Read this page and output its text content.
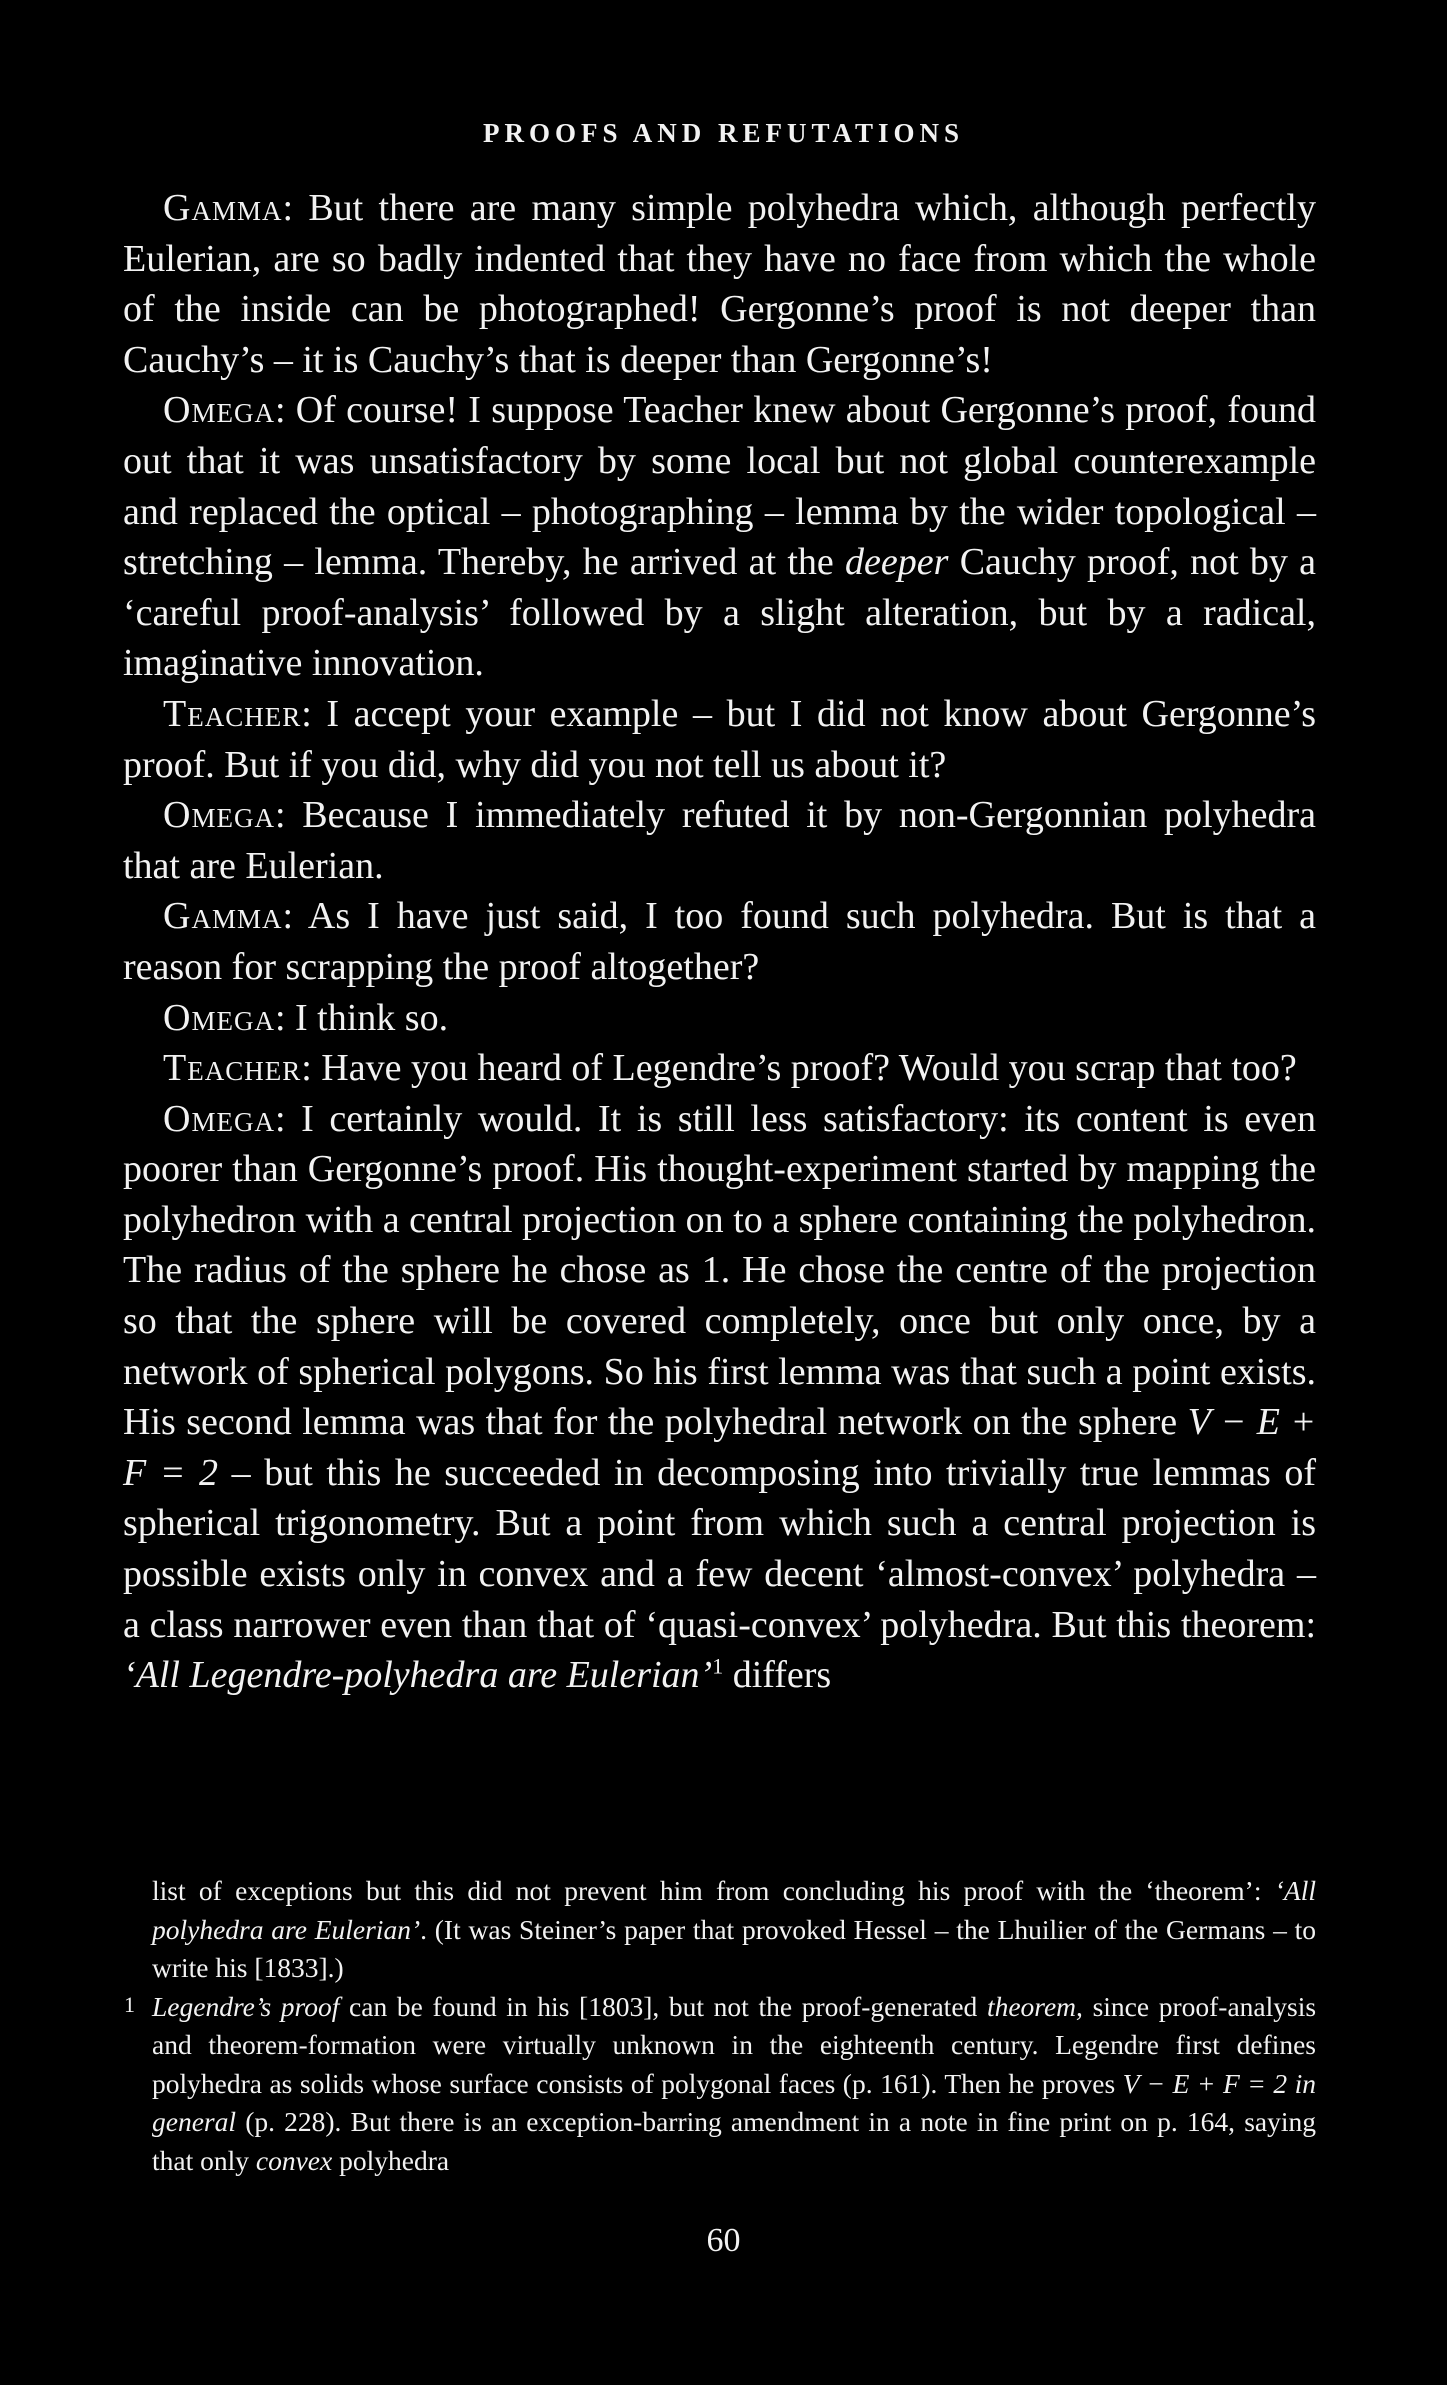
PROOFS AND REFUTATIONS

Gamma: But there are many simple polyhedra which, although perfectly Eulerian, are so badly indented that they have no face from which the whole of the inside can be photographed! Gergonne’s proof is not deeper than Cauchy’s – it is Cauchy’s that is deeper than Gergonne’s!

Omega: Of course! I suppose Teacher knew about Gergonne’s proof, found out that it was unsatisfactory by some local but not global counterexample and replaced the optical – photographing – lemma by the wider topological – stretching – lemma. Thereby, he arrived at the deeper Cauchy proof, not by a ‘careful proof-analysis’ followed by a slight alteration, but by a radical, imaginative innovation.

Teacher: I accept your example – but I did not know about Gergonne’s proof. But if you did, why did you not tell us about it?

Omega: Because I immediately refuted it by non-Gergonnian polyhedra that are Eulerian.

Gamma: As I have just said, I too found such polyhedra. But is that a reason for scrapping the proof altogether?

Omega: I think so.

Teacher: Have you heard of Legendre’s proof? Would you scrap that too?

Omega: I certainly would. It is still less satisfactory: its content is even poorer than Gergonne’s proof. His thought-experiment started by mapping the polyhedron with a central projection on to a sphere containing the polyhedron. The radius of the sphere he chose as 1. He chose the centre of the projection so that the sphere will be covered completely, once but only once, by a network of spherical polygons. So his first lemma was that such a point exists. His second lemma was that for the polyhedral network on the sphere V − E + F = 2 – but this he succeeded in decomposing into trivially true lemmas of spherical trigonometry. But a point from which such a central projection is possible exists only in convex and a few decent ‘almost-convex’ polyhedra – a class narrower even than that of ‘quasi-convex’ polyhedra. But this theorem: ‘All Legendre-polyhedra are Eulerian’$^1$ differs

list of exceptions but this did not prevent him from concluding his proof with the ‘theorem’: ‘All polyhedra are Eulerian’. (It was Steiner’s paper that provoked Hessel – the Lhuilier of the Germans – to write his [1833].)

1 Legendre’s proof can be found in his [1803], but not the proof-generated theorem, since proof-analysis and theorem-formation were virtually unknown in the eighteenth century. Legendre first defines polyhedra as solids whose surface consists of polygonal faces (p. 161). Then he proves V − E + F = 2 in general (p. 228). But there is an exception-barring amendment in a note in fine print on p. 164, saying that only convex polyhedra

60
